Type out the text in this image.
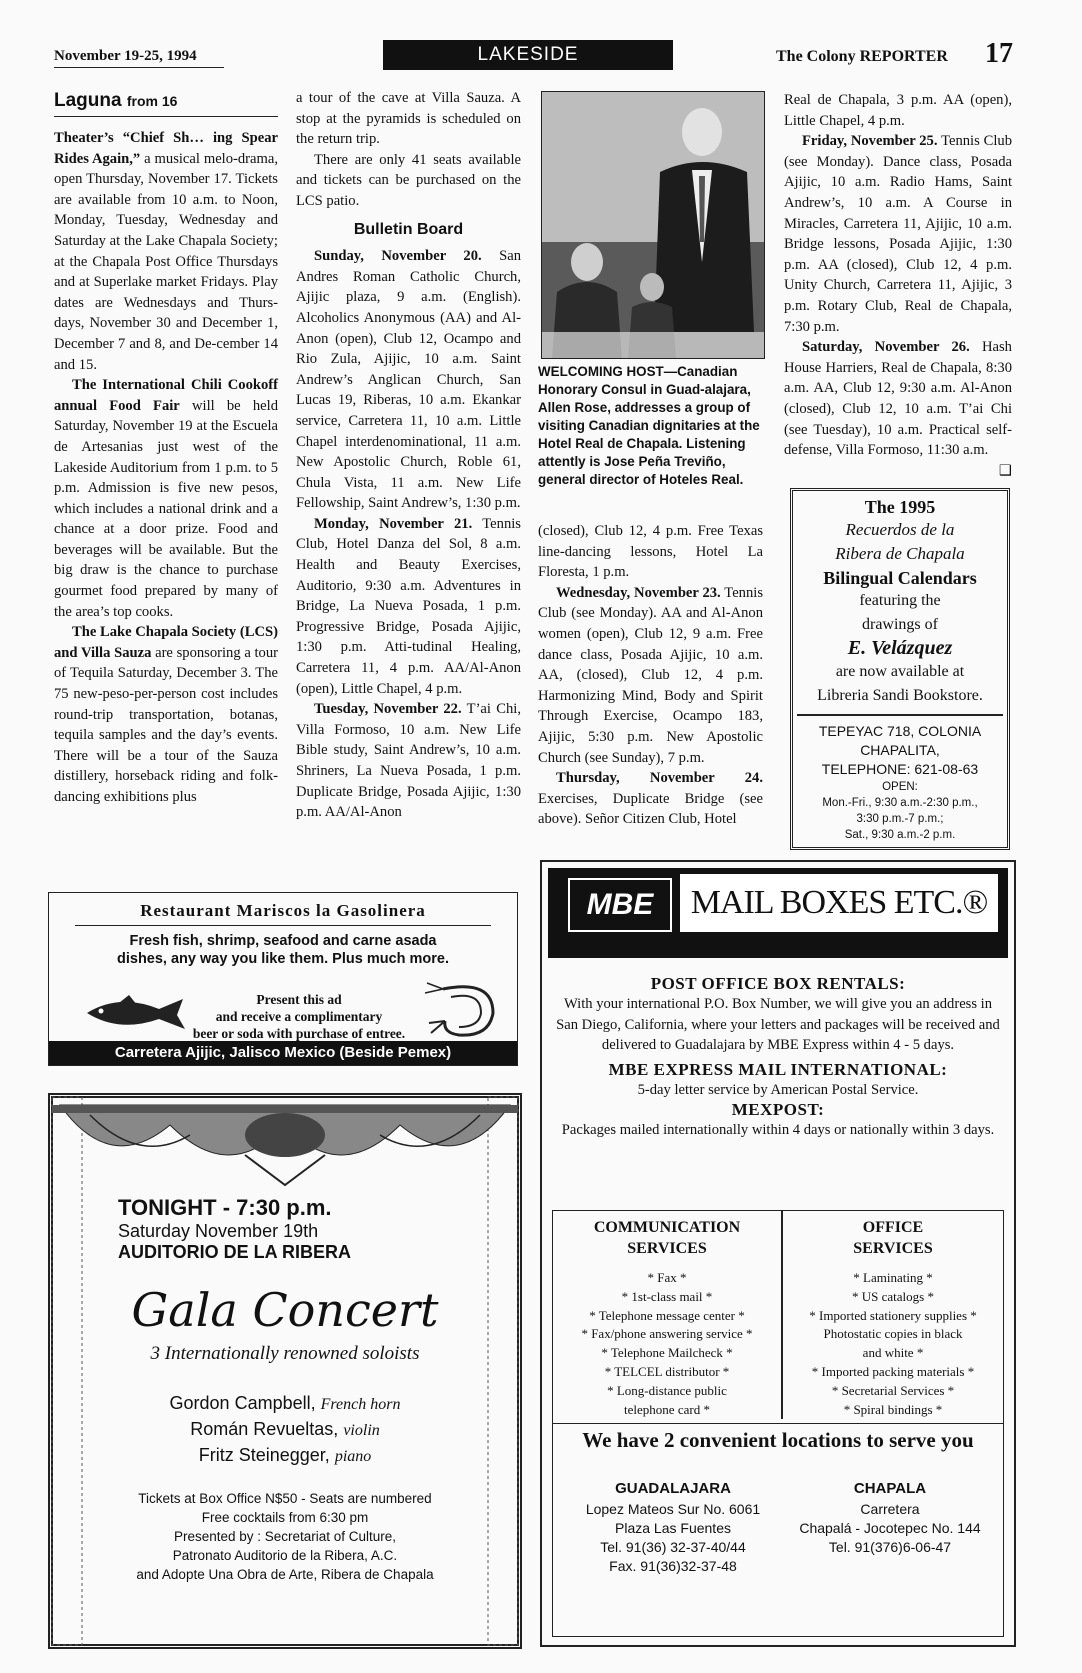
November 19-25, 1994	LAKESIDE	The Colony REPORTER 17
Laguna from 16

Theater’s “Chief Sh… ing Spear Rides Again,” a musical melo-drama, open Thursday, November 17. Tickets are available from 10 a.m. to Noon, Monday, Tuesday, Wednesday and Saturday at the Lake Chapala Society; at the Chapala Post Office Thursdays and at Superlake market Fridays. Play dates are Wednesdays and Thurs-days, November 30 and December 1, December 7 and 8, and De-cember 14 and 15.

The International Chili Cookoff annual Food Fair will be held Saturday, November 19 at the Escuela de Artesanias just west of the Lakeside Auditorium from 1 p.m. to 5 p.m. Admission is five new pesos, which includes a national drink and a chance at a door prize. Food and beverages will be available. But the big draw is the chance to purchase gourmet food prepared by many of the area’s top cooks.

The Lake Chapala Society (LCS) and Villa Sauza are sponsoring a tour of Tequila Saturday, December 3. The 75 new-peso-per-person cost includes round-trip transportation, botanas, tequila samples and the day’s events. There will be a tour of the Sauza distillery, horseback riding and folk-dancing exhibitions plus

a tour of the cave at Villa Sauza. A stop at the pyramids is scheduled on the return trip.

There are only 41 seats available and tickets can be purchased on the LCS patio.

Bulletin Board

Sunday, November 20. San Andres Roman Catholic Church, Ajijic plaza, 9 a.m. (English). Alcoholics Anonymous (AA) and Al-Anon (open), Club 12, Ocampo and Rio Zula, Ajijic, 10 a.m. Saint Andrew’s Anglican Church, San Lucas 19, Riberas, 10 a.m. Ekankar service, Carretera 11, 10 a.m. Little Chapel interdenominational, 11 a.m. New Apostolic Church, Roble 61, Chula Vista, 11 a.m. New Life Fellowship, Saint Andrew’s, 1:30 p.m.

Monday, November 21. Tennis Club, Hotel Danza del Sol, 8 a.m. Health and Beauty Exercises, Auditorio, 9:30 a.m. Adventures in Bridge, La Nueva Posada, 1 p.m. Progressive Bridge, Posada Ajijic, 1:30 p.m. Atti-tudinal Healing, Carretera 11, 4 p.m. AA/Al-Anon (open), Little Chapel, 4 p.m.

Tuesday, November 22. T’ai Chi, Villa Formoso, 10 a.m. New Life Bible study, Saint Andrew’s, 10 a.m. Shriners, La Nueva Posada, 1 p.m. Duplicate Bridge, Posada Ajijic, 1:30 p.m. AA/Al-Anon

WELCOMING HOST—Canadian Honorary Consul in Guad-alajara, Allen Rose, addresses a group of visiting Canadian dignitaries at the Hotel Real de Chapala. Listening attently is Jose Peña Treviño, general director of Hoteles Real.

(closed), Club 12, 4 p.m. Free Texas line-dancing lessons, Hotel La Floresta, 1 p.m.

Wednesday, November 23. Tennis Club (see Monday). AA and Al-Anon women (open), Club 12, 9 a.m. Free dance class, Posada Ajijic, 10 a.m. AA, (closed), Club 12, 4 p.m. Harmonizing Mind, Body and Spirit Through Exercise, Ocampo 183, Ajijic, 5:30 p.m. New Apostolic Church (see Sunday), 7 p.m.

Thursday, November 24. Exercises, Duplicate Bridge (see above). Señor Citizen Club, Hotel

Real de Chapala, 3 p.m. AA (open), Little Chapel, 4 p.m.

Friday, November 25. Tennis Club (see Monday). Dance class, Posada Ajijic, 10 a.m. Radio Hams, Saint Andrew’s, 10 a.m. A Course in Miracles, Carretera 11, Ajijic, 10 a.m. Bridge lessons, Posada Ajijic, 1:30 p.m. AA (closed), Club 12, 4 p.m. Unity Church, Carretera 11, Ajijic, 3 p.m. Rotary Club, Real de Chapala, 7:30 p.m.

Saturday, November 26. Hash House Harriers, Real de Chapala, 8:30 a.m. AA, Club 12, 9:30 a.m. Al-Anon (closed), Club 12, 10 a.m. T’ai Chi (see Tuesday), 10 a.m. Practical self-defense, Villa Formoso, 11:30 a.m.
❑

The 1995
Recuerdos de la
Ribera de Chapala
Bilingual Calendars
featuring the
drawings of
E. Velázquez
are now available at
Libreria Sandi Bookstore.
TEPEYAC 718, COLONIA
CHAPALITA,
TELEPHONE: 621-08-63
OPEN:
Mon.-Fri., 9:30 a.m.-2:30 p.m.,
3:30 p.m.-7 p.m.;
Sat., 9:30 a.m.-2 p.m.
Restaurant Mariscos la Gasolinera
Fresh fish, shrimp, seafood and carne asada
dishes, any way you like them. Plus much more.
Present this ad
and receive a complimentary
beer or soda with purchase of entree.
Carretera Ajijic, Jalisco Mexico (Beside Pemex)
TONIGHT - 7:30 p.m.
Saturday November 19th
AUDITORIO DE LA RIBERA
Gala Concert
3 Internationally renowned soloists
Gordon Campbell, French horn
Román Revueltas, violin
Fritz Steinegger, piano
Tickets at Box Office N$50 - Seats are numbered
Free cocktails from 6:30 pm
Presented by : Secretariat of Culture,
Patronato Auditorio de la Ribera, A.C.
and Adopte Una Obra de Arte, Ribera de Chapala
MBE	MAIL BOXES ETC.®
POST OFFICE BOX RENTALS:
With your international P.O. Box Number, we will give you an address in San Diego, California, where your letters and packages will be received and delivered to Guadalajara by MBE Express within 4 - 5 days.
MBE EXPRESS MAIL INTERNATIONAL:
5-day letter service by American Postal Service.
MEXPOST:
Packages mailed internationally within 4 days or nationally within 3 days.
COMMUNICATION
SERVICES
* Fax *
* 1st-class mail *
* Telephone message center *
* Fax/phone answering service *
* Telephone Mailcheck *
* TELCEL distributor *
* Long-distance public
telephone card *
OFFICE
SERVICES
* Laminating *
* US catalogs *
* Imported stationery supplies *
Photostatic copies in black
and white *
* Imported packing materials *
* Secretarial Services *
* Spiral bindings *
We have 2 convenient locations to serve you
GUADALAJARA
Lopez Mateos Sur No. 6061
Plaza Las Fuentes
Tel. 91(36) 32-37-40/44
Fax. 91(36)32-37-48
CHAPALA
Carretera
Chapalá - Jocotepec No. 144
Tel. 91(376)6-06-47
